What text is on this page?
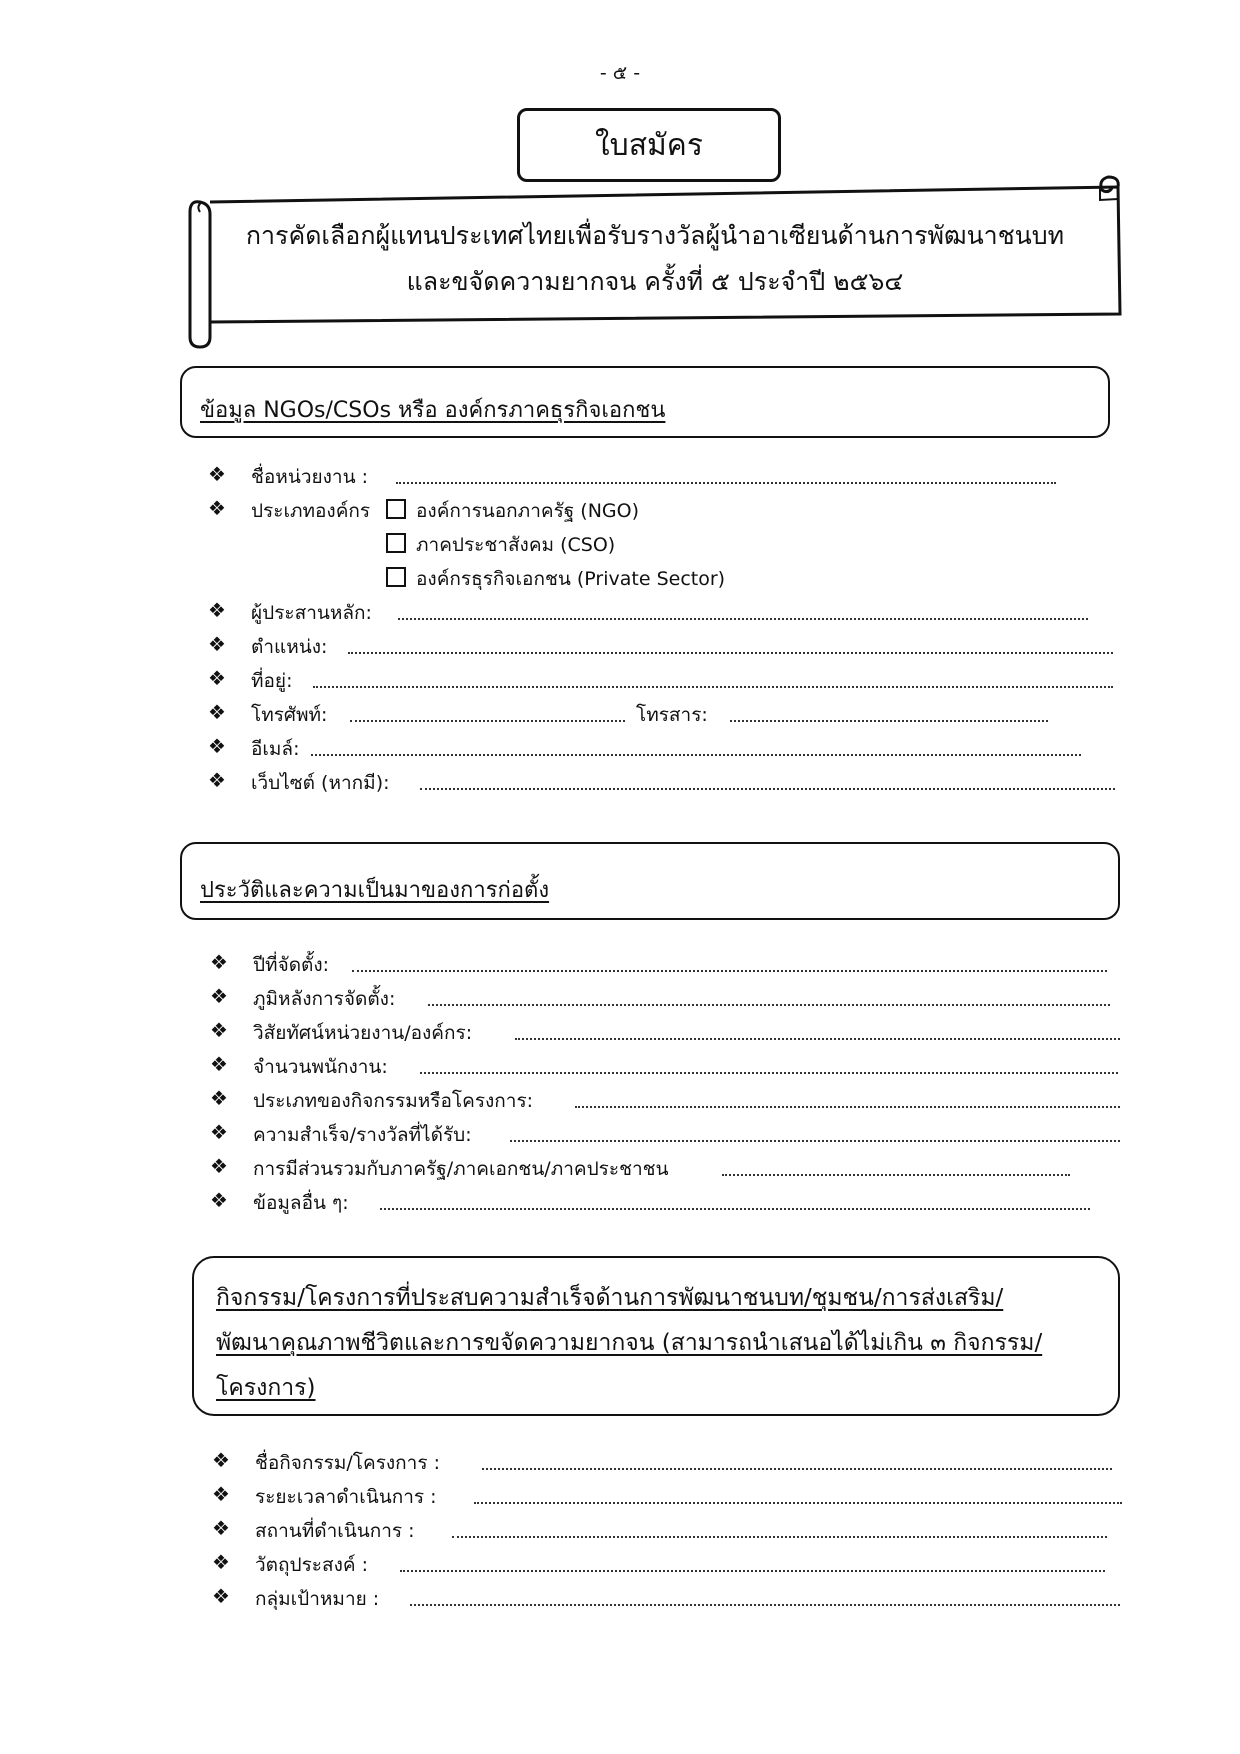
- ๕ -
ใบสมัคร
การคัดเลือกผู้แทนประเทศไทยเพื่อรับรางวัลผู้นำอาเซียนด้านการพัฒนาชนบท
และขจัดความยากจน ครั้งที่ ๕ ประจำปี ๒๕๖๔
ข้อมูล NGOs/CSOs หรือ องค์กรภาคธุรกิจเอกชน
❖ ชื่อหน่วยงาน :
❖ ประเภทองค์กร องค์การนอกภาครัฐ (NGO)
ภาคประชาสังคม (CSO)
องค์กรธุรกิจเอกชน (Private Sector)
❖ ผู้ประสานหลัก:
❖ ตำแหน่ง:
❖ ที่อยู่:
❖ โทรศัพท์:	โทรสาร:
❖ อีเมล์:
❖ เว็บไซต์ (หากมี):
ประวัติและความเป็นมาของการก่อตั้ง
❖ ปีที่จัดตั้ง:
❖ ภูมิหลังการจัดตั้ง:
❖ วิสัยทัศน์หน่วยงาน/องค์กร:
❖ จำนวนพนักงาน:
❖ ประเภทของกิจกรรมหรือโครงการ:
❖ ความสำเร็จ/รางวัลที่ได้รับ:
❖ การมีส่วนรวมกับภาครัฐ/ภาคเอกชน/ภาคประชาชน
❖ ข้อมูลอื่น ๆ:
กิจกรรม/โครงการที่ประสบความสำเร็จด้านการพัฒนาชนบท/ชุมชน/การส่งเสริม/
พัฒนาคุณภาพชีวิตและการขจัดความยากจน (สามารถนำเสนอได้ไม่เกิน ๓ กิจกรรม/
โครงการ)
❖ ชื่อกิจกรรม/โครงการ :
❖ ระยะเวลาดำเนินการ :
❖ สถานที่ดำเนินการ :
❖ วัตถุประสงค์ :
❖ กลุ่มเป้าหมาย :
